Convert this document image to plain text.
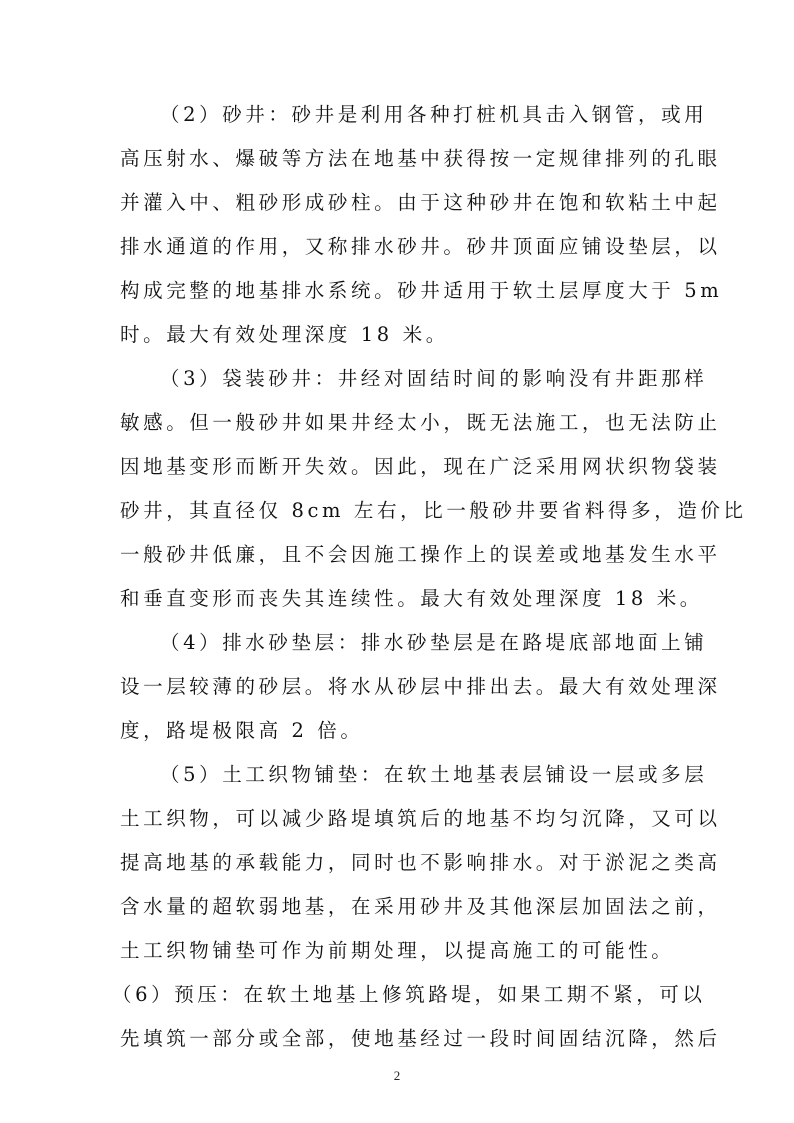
（2）砂井：砂井是利用各种打桩机具击入钢管，或用
高压射水、爆破等方法在地基中获得按一定规律排列的孔眼
并灌入中、粗砂形成砂柱。由于这种砂井在饱和软粘土中起
排水通道的作用，又称排水砂井。砂井顶面应铺设垫层，以
构成完整的地基排水系统。砂井适用于软土层厚度大于 5m
时。最大有效处理深度 18 米。
（3）袋装砂井：井经对固结时间的影响没有井距那样
敏感。但一般砂井如果井经太小，既无法施工，也无法防止
因地基变形而断开失效。因此，现在广泛采用网状织物袋装
砂井，其直径仅 8cm 左右，比一般砂井要省料得多，造价比
一般砂井低廉，且不会因施工操作上的误差或地基发生水平
和垂直变形而丧失其连续性。最大有效处理深度 18 米。
（4）排水砂垫层：排水砂垫层是在路堤底部地面上铺
设一层较薄的砂层。将水从砂层中排出去。最大有效处理深
度，路堤极限高 2 倍。
（5）土工织物铺垫：在软土地基表层铺设一层或多层
土工织物，可以减少路堤填筑后的地基不均匀沉降，又可以
提高地基的承载能力，同时也不影响排水。对于淤泥之类高
含水量的超软弱地基，在采用砂井及其他深层加固法之前，
土工织物铺垫可作为前期处理，以提高施工的可能性。
（6）预压：在软土地基上修筑路堤，如果工期不紧，可以
先填筑一部分或全部，使地基经过一段时间固结沉降，然后
2
